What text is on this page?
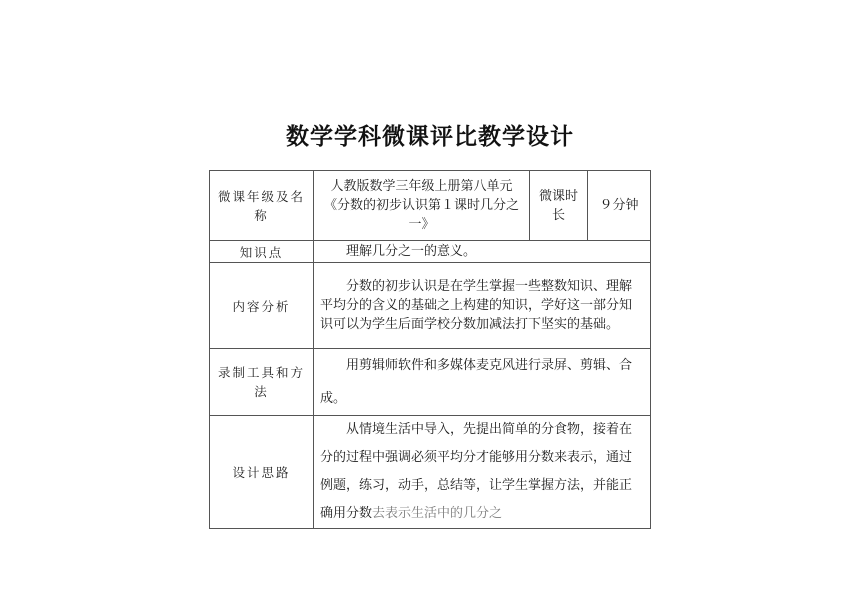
数学学科微课评比教学设计
微课年级及名称	人教版数学三年级上册第八单元《分数的初步认识第１课时几分之一》	微课时长	９分钟

知识点	理解几分之一的意义。		

内容分析	分数的初步认识是在学生掌握一些整数知识、理解平均分的含义的基础之上构建的知识，学好这一部分知识可以为学生后面学校分数加减法打下坚实的基础。		

录制工具和方法	用剪辑师软件和多媒体麦克风进行录屏、剪辑、合成。		

设计思路	从情境生活中导入，先提出简单的分食物，接着在分的过程中强调必须平均分才能够用分数来表示，通过例题，练习，动手，总结等，让学生掌握方法，并能正确用分数去表示生活中的几分之		
